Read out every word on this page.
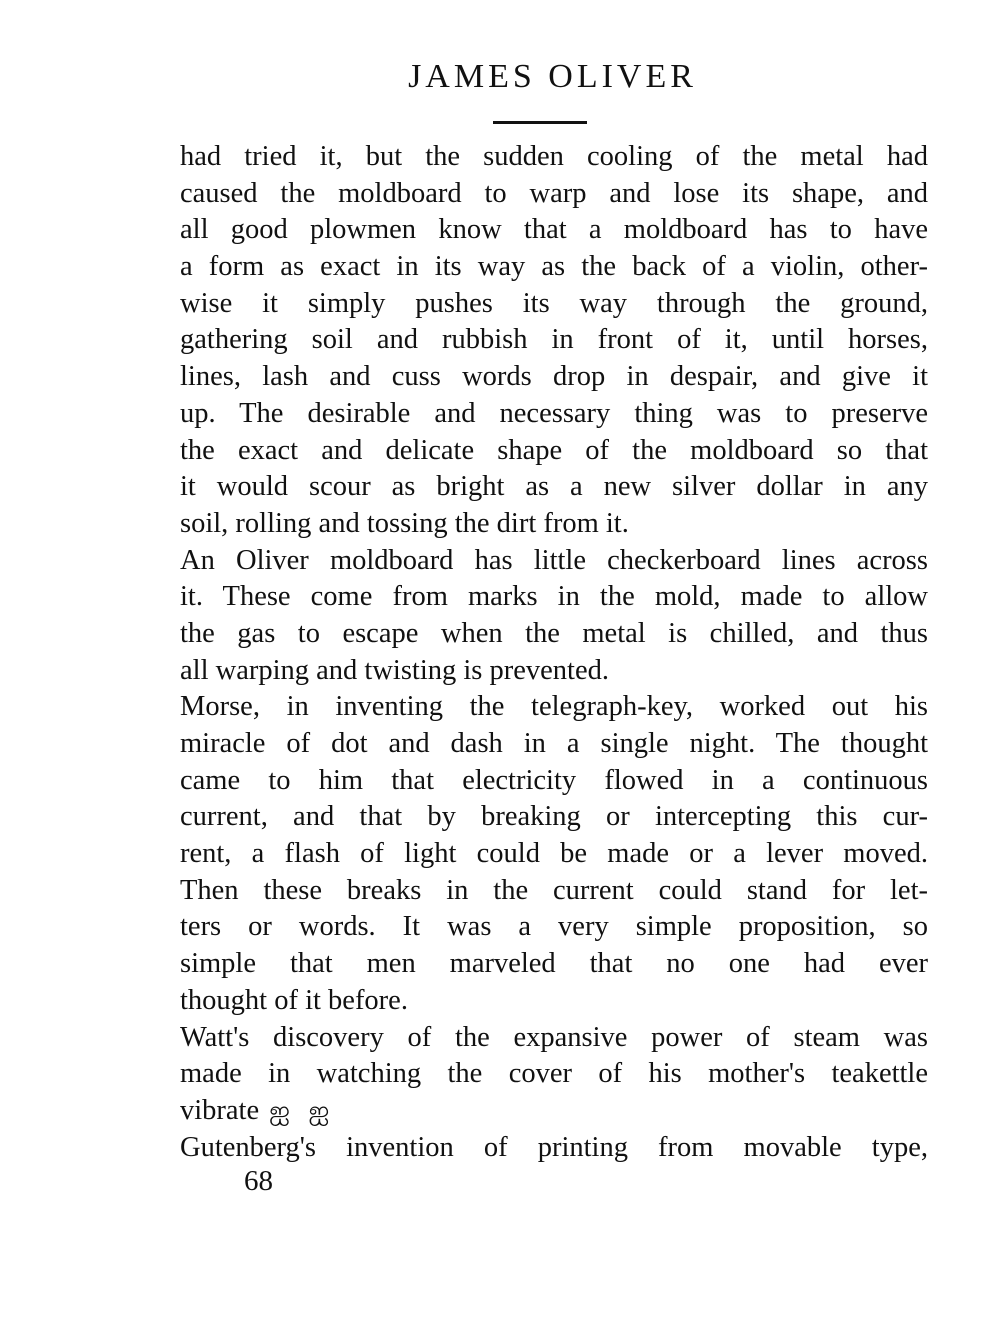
JAMES OLIVER
had tried it, but the sudden cooling of the metal had
caused the moldboard to warp and lose its shape, and
all good plowmen know that a moldboard has to have
a form as exact in its way as the back of a violin, other-
wise it simply pushes its way through the ground,
gathering soil and rubbish in front of it, until horses,
lines, lash and cuss words drop in despair, and give it
up. The desirable and necessary thing was to preserve
the exact and delicate shape of the moldboard so that
it would scour as bright as a new silver dollar in any
soil, rolling and tossing the dirt from it.
An Oliver moldboard has little checkerboard lines across
it. These come from marks in the mold, made to allow
the gas to escape when the metal is chilled, and thus
all warping and twisting is prevented.
Morse, in inventing the telegraph-key, worked out his
miracle of dot and dash in a single night. The thought
came to him that electricity flowed in a continuous
current, and that by breaking or intercepting this cur-
rent, a flash of light could be made or a lever moved.
Then these breaks in the current could stand for let-
ters or words. It was a very simple proposition, so
simple that men marveled that no one had ever
thought of it before.
Watt's discovery of the expansive power of steam was
made in watching the cover of his mother's teakettle
vibrate ஐ ஐ
Gutenberg's invention of printing from movable type,
68
